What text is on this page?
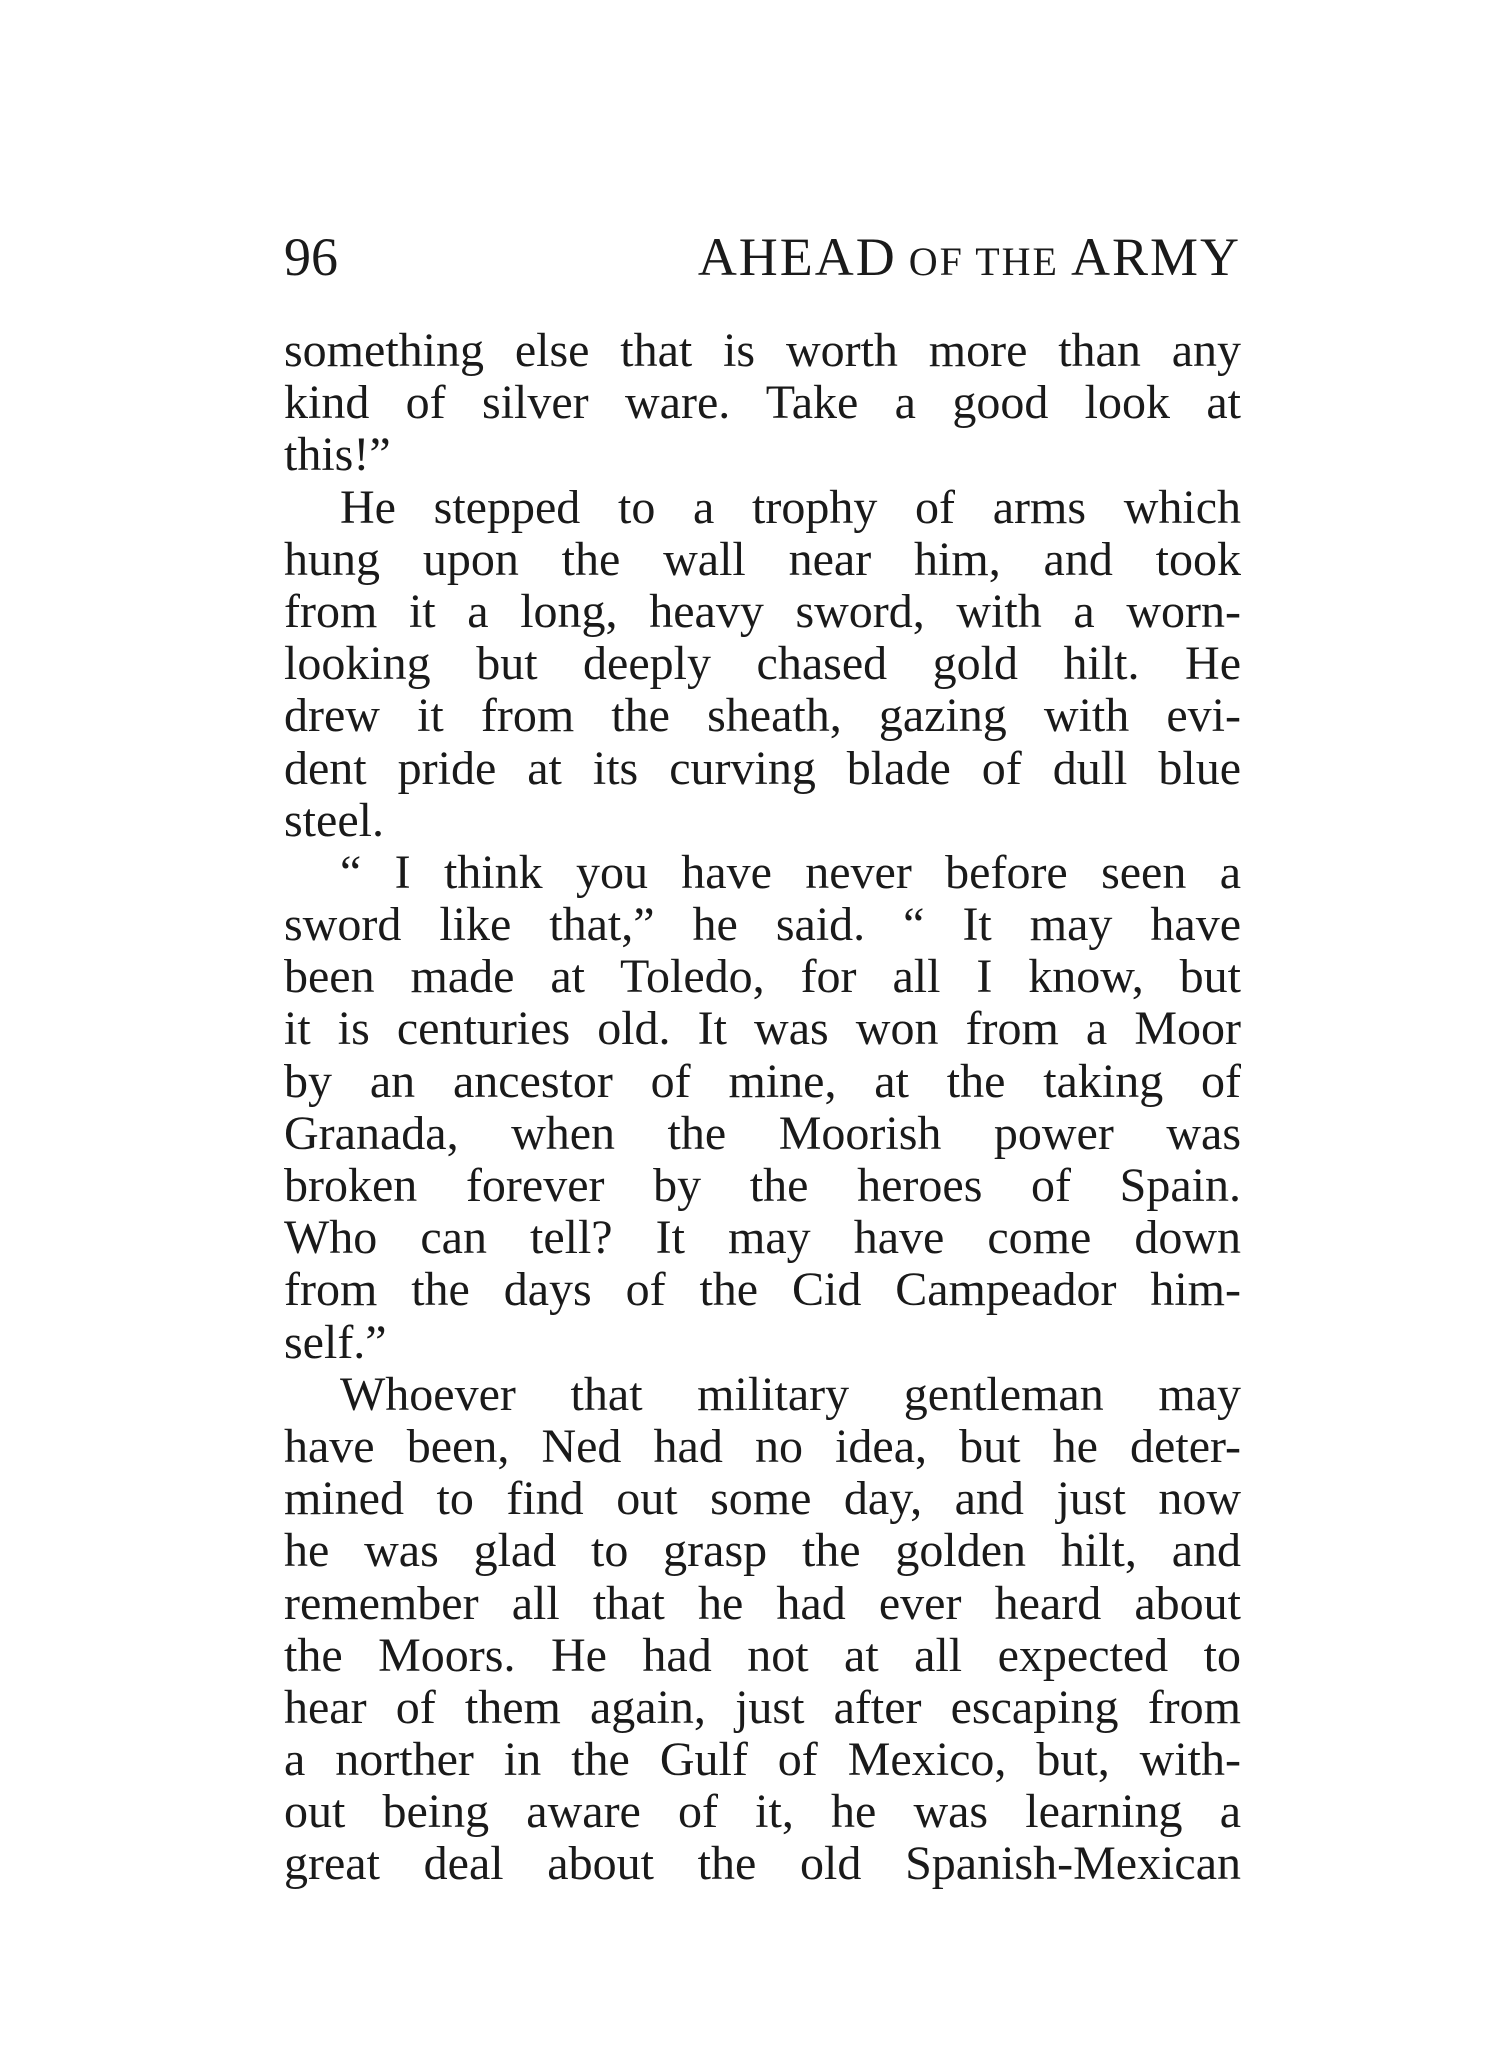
96	AHEAD OF THE ARMY
something else that is worth more than any
kind of silver ware. Take a good look at
this!”
He stepped to a trophy of arms which
hung upon the wall near him, and took
from it a long, heavy sword, with a worn-
looking but deeply chased gold hilt. He
drew it from the sheath, gazing with evi-
dent pride at its curving blade of dull blue
steel.
“ I think you have never before seen a
sword like that,” he said. “ It may have
been made at Toledo, for all I know, but
it is centuries old. It was won from a Moor
by an ancestor of mine, at the taking of
Granada, when the Moorish power was
broken forever by the heroes of Spain.
Who can tell? It may have come down
from the days of the Cid Campeador him-
self.”
Whoever that military gentleman may
have been, Ned had no idea, but he deter-
mined to find out some day, and just now
he was glad to grasp the golden hilt, and
remember all that he had ever heard about
the Moors. He had not at all expected to
hear of them again, just after escaping from
a norther in the Gulf of Mexico, but, with-
out being aware of it, he was learning a
great deal about the old Spanish-Mexican
